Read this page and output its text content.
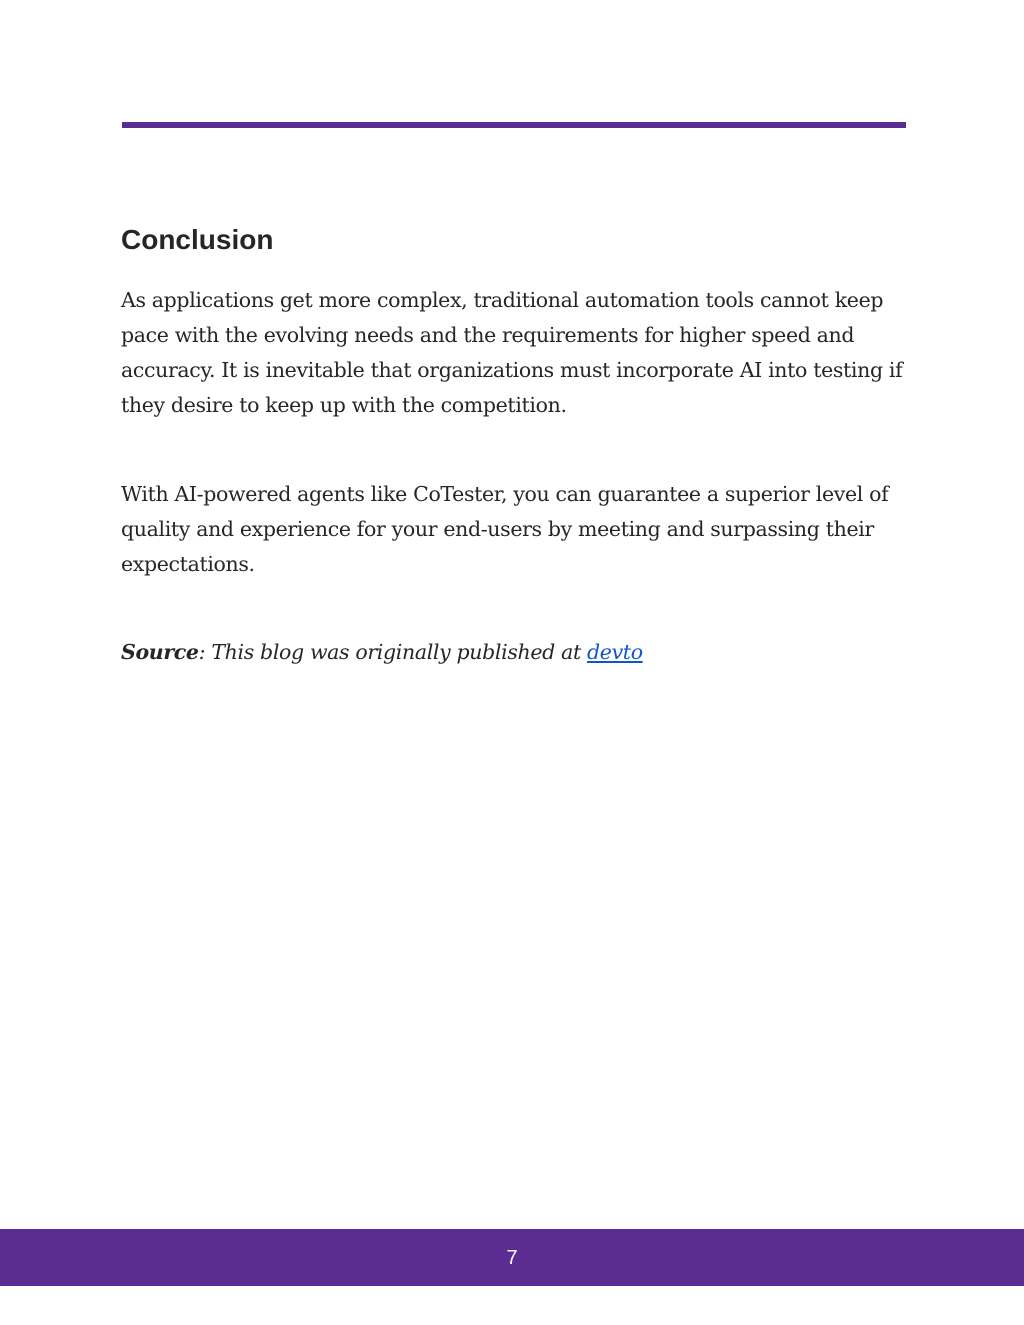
Conclusion

As applications get more complex, traditional automation tools cannot keep pace with the evolving needs and the requirements for higher speed and accuracy. It is inevitable that organizations must incorporate AI into testing if they desire to keep up with the competition.

With AI-powered agents like CoTester, you can guarantee a superior level of quality and experience for your end-users by meeting and surpassing their expectations.

Source: This blog was originally published at devto

7
